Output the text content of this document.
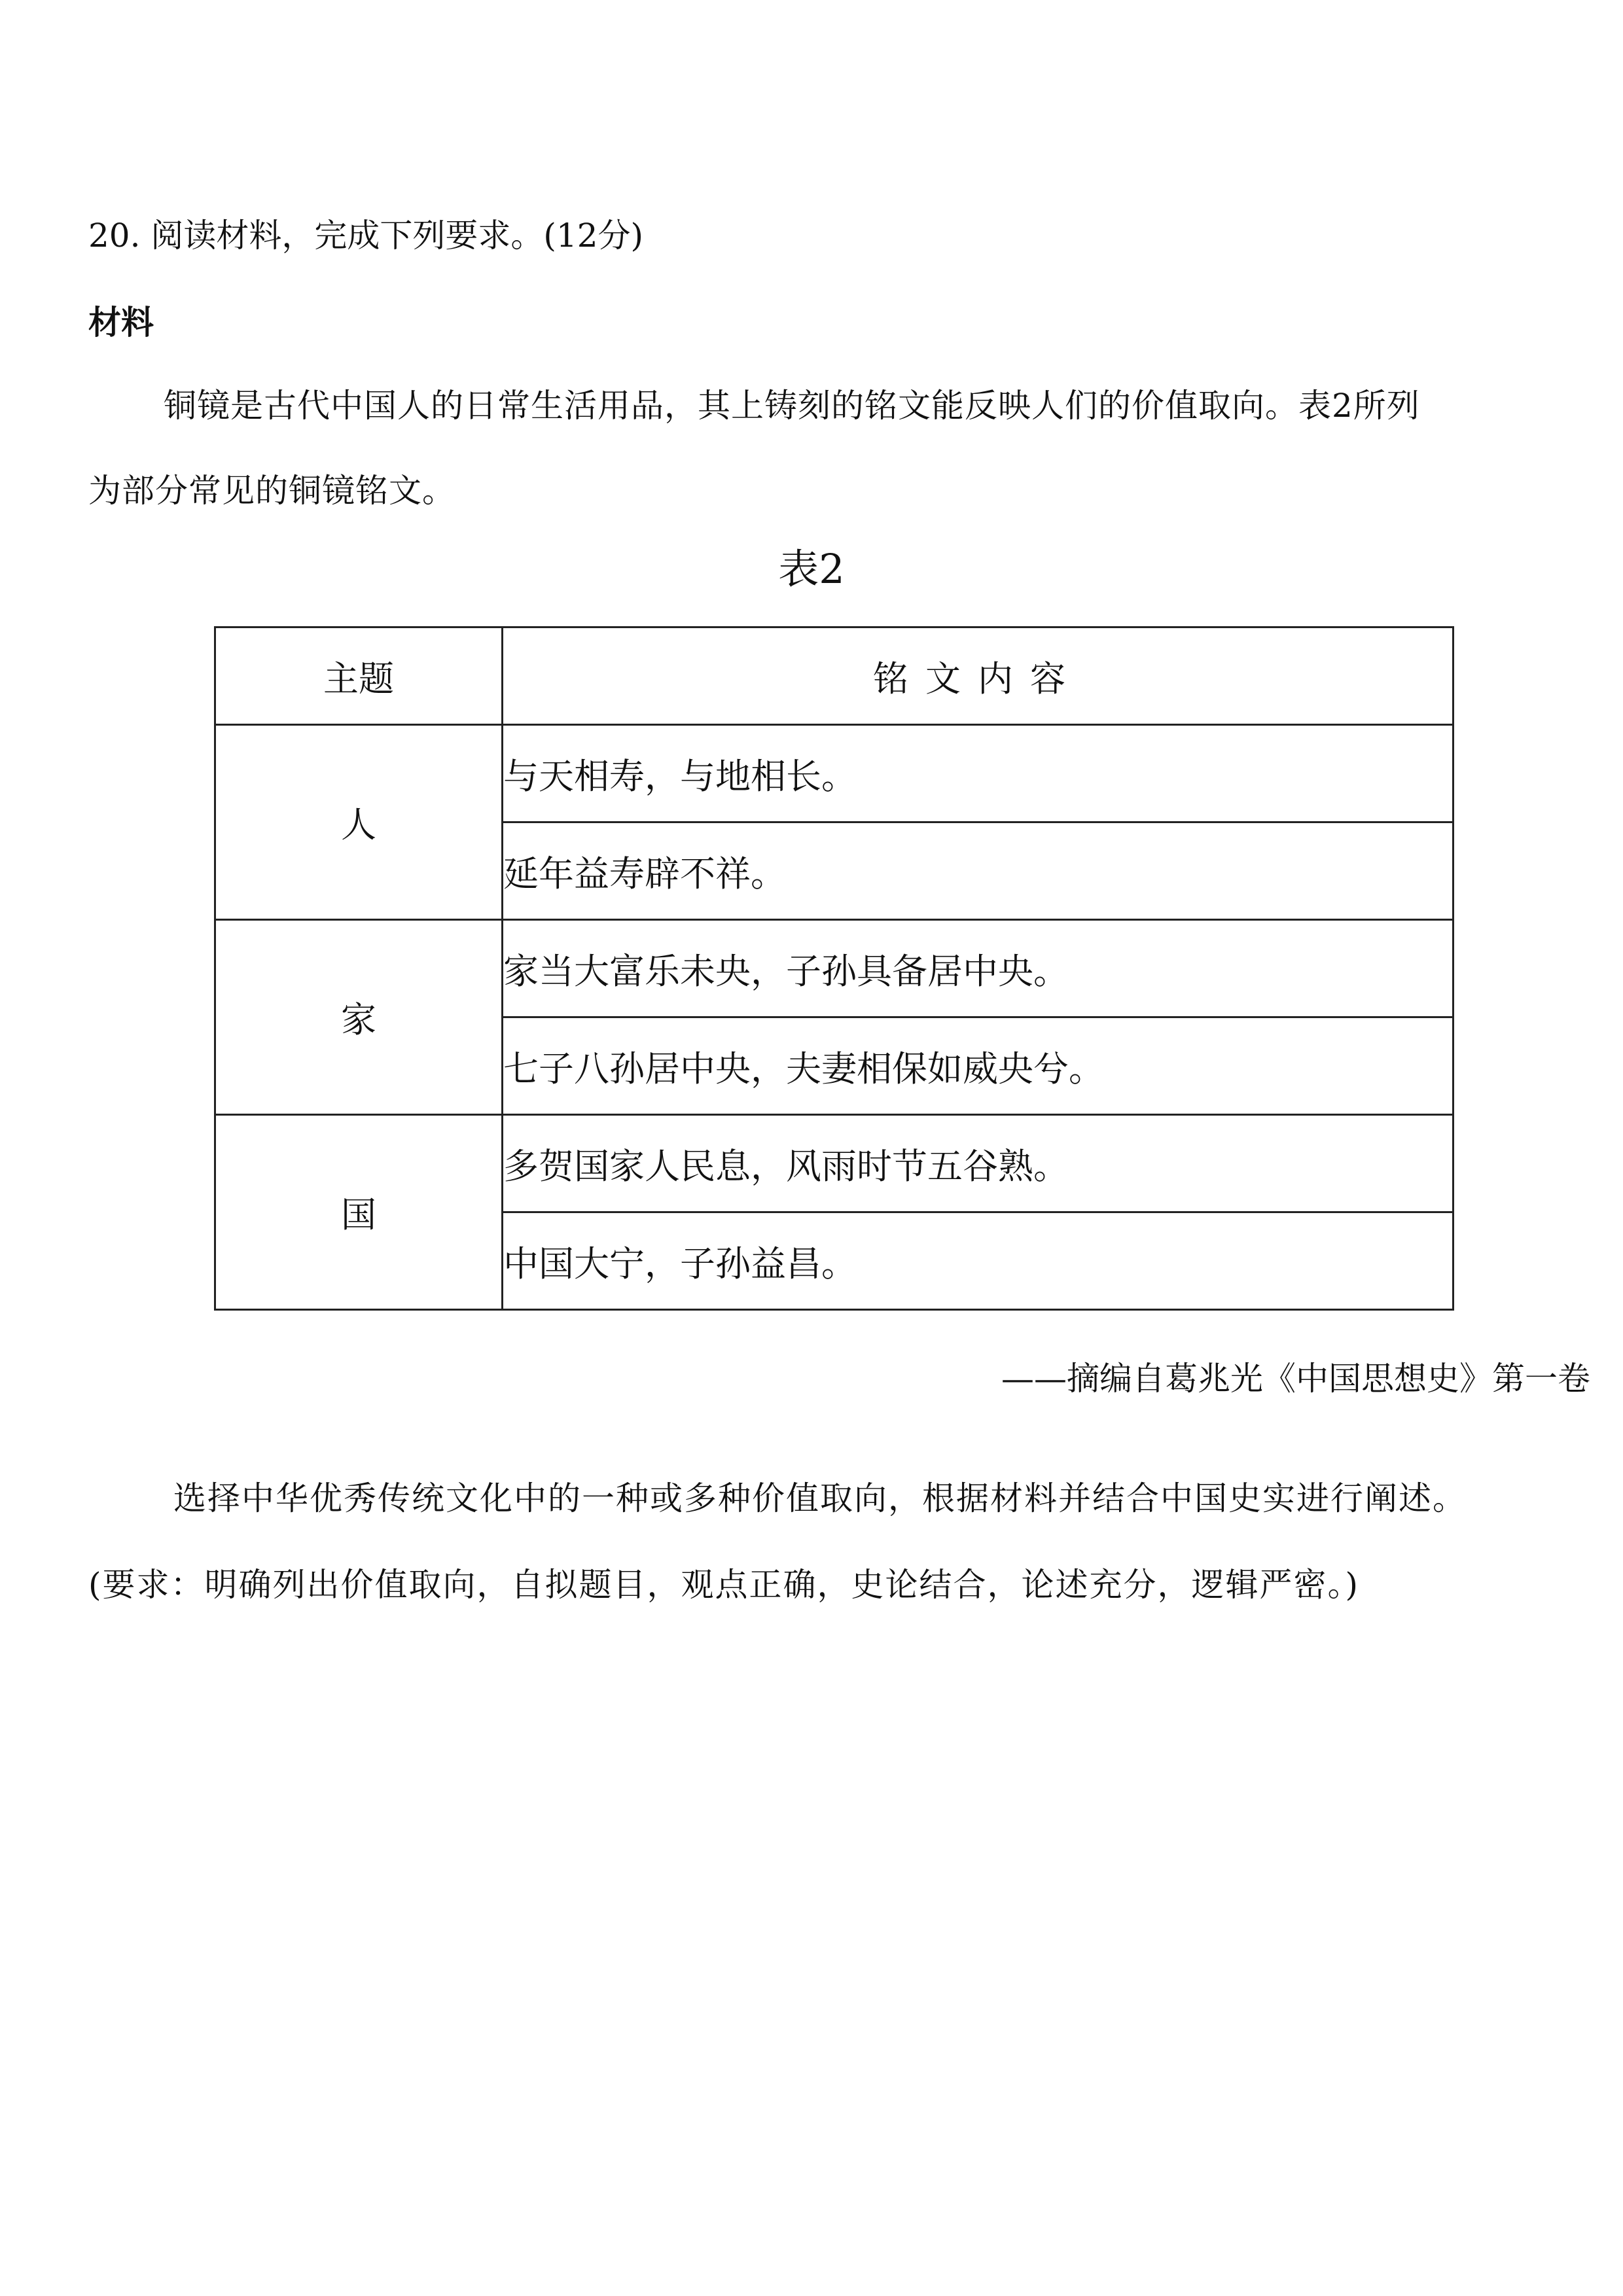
20. 阅读材料，完成下列要求。(12分)
材料
铜镜是古代中国人的日常生活用品，其上铸刻的铭文能反映人们的价值取向。表2所列
为部分常见的铜镜铭文。
表2
主题	铭文内容
人	与天相寿，与地相长。
	延年益寿辟不祥。
家	家当大富乐未央，子孙具备居中央。
	七子八孙居中央，夫妻相保如威央兮。
国	多贺国家人民息，风雨时节五谷熟。
	中国大宁，子孙益昌。
——摘编自葛兆光《中国思想史》第一卷
选择中华优秀传统文化中的一种或多种价值取向，根据材料并结合中国史实进行阐述。
(要求：明确列出价值取向，自拟题目，观点正确，史论结合，论述充分，逻辑严密。)
